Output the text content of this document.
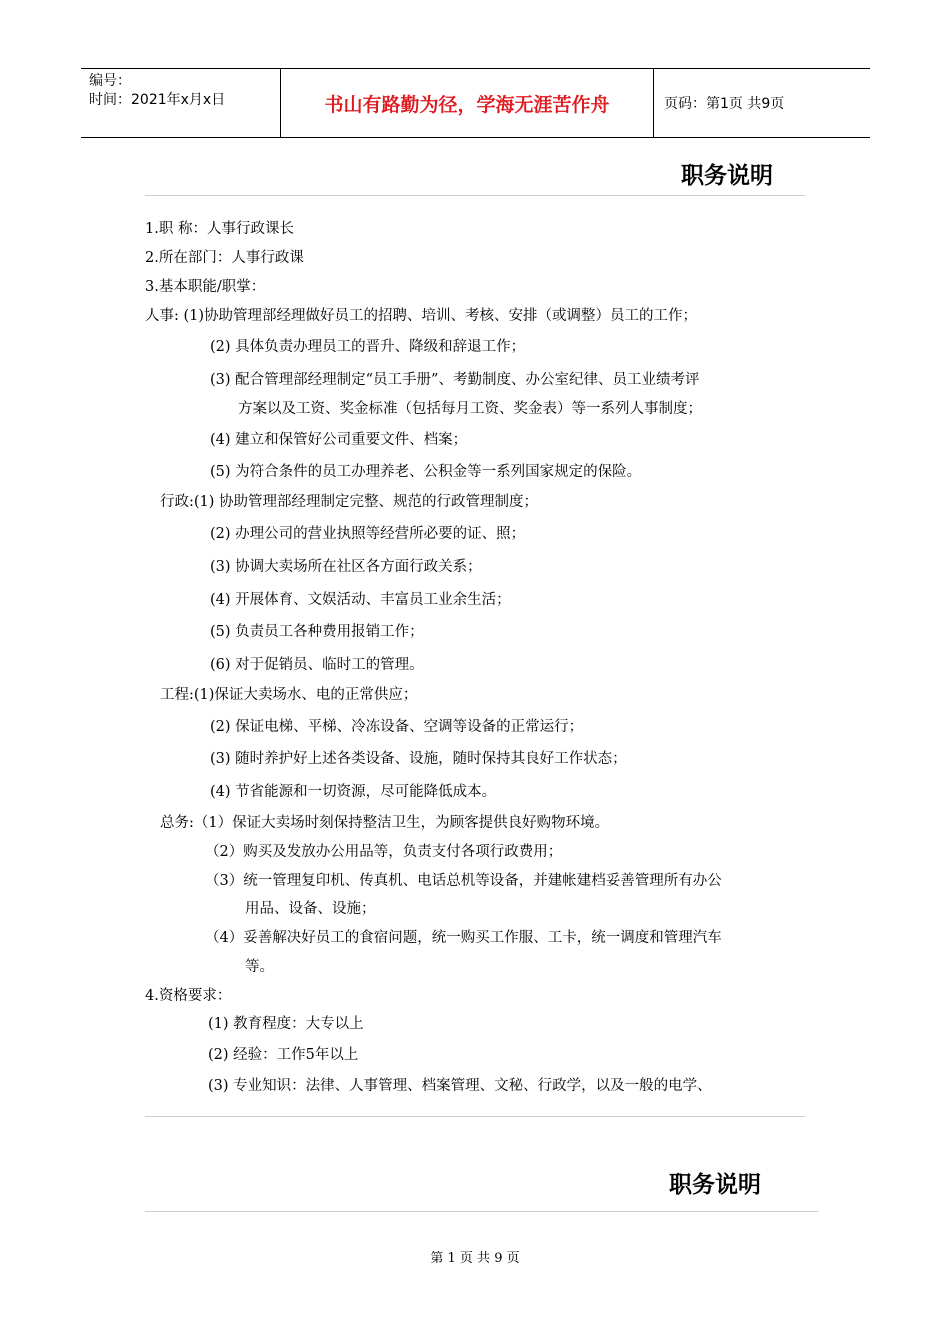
编号：
时间：2021年x月x日	书山有路勤为径，学海无涯苦作舟	页码：第1页 共9页
职务说明
1.职 称：人事行政课长
2.所在部门：人事行政课
3.基本职能/职掌：
人事: (1)协助管理部经理做好员工的招聘、培训、考核、安排（或调整）员工的工作；
(2) 具体负责办理员工的晋升、降级和辞退工作；
(3) 配合管理部经理制定“员工手册”、考勤制度、办公室纪律、员工业绩考评
方案以及工资、奖金标准（包括每月工资、奖金表）等一系列人事制度；
(4) 建立和保管好公司重要文件、档案；
(5) 为符合条件的员工办理养老、公积金等一系列国家规定的保险。
行政:(1) 协助管理部经理制定完整、规范的行政管理制度；
(2) 办理公司的营业执照等经营所必要的证、照；
(3) 协调大卖场所在社区各方面行政关系；
(4) 开展体育、文娱活动、丰富员工业余生活；
(5) 负责员工各种费用报销工作；
(6) 对于促销员、临时工的管理。
工程:(1)保证大卖场水、电的正常供应；
(2) 保证电梯、平梯、冷冻设备、空调等设备的正常运行；
(3) 随时养护好上述各类设备、设施，随时保持其良好工作状态；
(4) 节省能源和一切资源，尽可能降低成本。
总务:（1）保证大卖场时刻保持整洁卫生，为顾客提供良好购物环境。
（2）购买及发放办公用品等，负责支付各项行政费用；
（3）统一管理复印机、传真机、电话总机等设备，并建帐建档妥善管理所有办公
用品、设备、设施；
（4）妥善解决好员工的食宿问题，统一购买工作服、工卡，统一调度和管理汽车
等。
4.资格要求：
(1) 教育程度：大专以上
(2) 经验：工作5年以上
(3) 专业知识：法律、人事管理、档案管理、文秘、行政学，以及一般的电学、
职务说明
第 1 页 共 9 页
